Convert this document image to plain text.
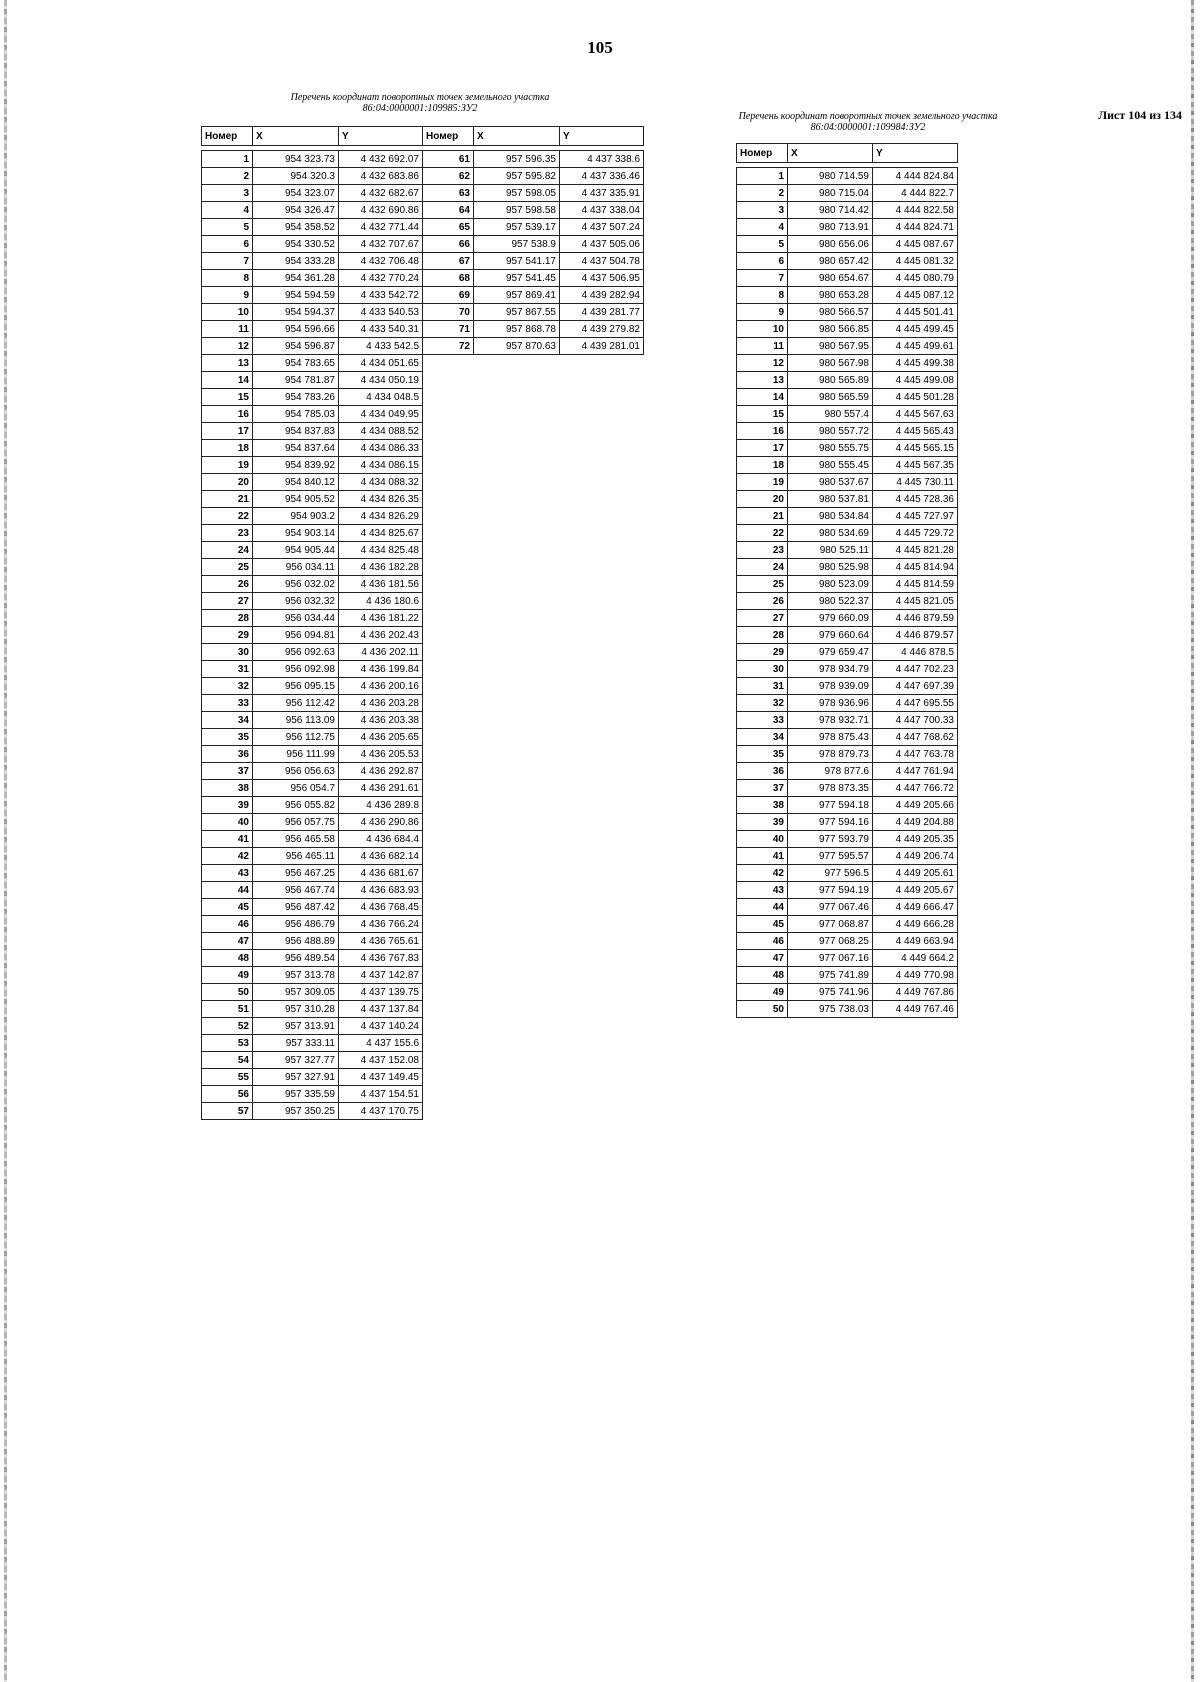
105
Лист 104 из 134
Перечень координат поворотных точек земельного участка
86:04:0000001:109985:ЗУ2
Перечень координат поворотных точек земельного участка
86:04:0000001:109984:ЗУ2
Номер	X	Y

1	954 323.73	4 432 692.07
2	954 320.3	4 432 683.86
3	954 323.07	4 432 682.67
4	954 326.47	4 432 690.86
5	954 358.52	4 432 771.44
6	954 330.52	4 432 707.67
7	954 333.28	4 432 706.48
8	954 361.28	4 432 770.24
9	954 594.59	4 433 542.72
10	954 594.37	4 433 540.53
11	954 596.66	4 433 540.31
12	954 596.87	4 433 542.5
13	954 783.65	4 434 051.65
14	954 781.87	4 434 050.19
15	954 783.26	4 434 048.5
16	954 785.03	4 434 049.95
17	954 837.83	4 434 088.52
18	954 837.64	4 434 086.33
19	954 839.92	4 434 086.15
20	954 840.12	4 434 088.32
21	954 905.52	4 434 826.35
22	954 903.2	4 434 826.29
23	954 903.14	4 434 825.67
24	954 905.44	4 434 825.48
25	956 034.11	4 436 182.28
26	956 032.02	4 436 181.56
27	956 032.32	4 436 180.6
28	956 034.44	4 436 181.22
29	956 094.81	4 436 202.43
30	956 092.63	4 436 202.11
31	956 092.98	4 436 199.84
32	956 095.15	4 436 200.16
33	956 112.42	4 436 203.28
34	956 113.09	4 436 203.38
35	956 112.75	4 436 205.65
36	956 111.99	4 436 205.53
37	956 056.63	4 436 292.87
38	956 054.7	4 436 291.61
39	956 055.82	4 436 289.8
40	956 057.75	4 436 290.86
41	956 465.58	4 436 684.4
42	956 465.11	4 436 682.14
43	956 467.25	4 436 681.67
44	956 467.74	4 436 683.93
45	956 487.42	4 436 768.45
46	956 486.79	4 436 766.24
47	956 488.89	4 436 765.61
48	956 489.54	4 436 767.83
49	957 313.78	4 437 142.87
50	957 309.05	4 437 139.75
51	957 310.28	4 437 137.84
52	957 313.91	4 437 140.24
53	957 333.11	4 437 155.6
54	957 327.77	4 437 152.08
55	957 327.91	4 437 149.45
56	957 335.59	4 437 154.51
57	957 350.25	4 437 170.75
Номер	X	Y

61	957 596.35	4 437 338.6
62	957 595.82	4 437 336.46
63	957 598.05	4 437 335.91
64	957 598.58	4 437 338.04
65	957 539.17	4 437 507.24
66	957 538.9	4 437 505.06
67	957 541.17	4 437 504.78
68	957 541.45	4 437 506.95
69	957 869.41	4 439 282.94
70	957 867.55	4 439 281.77
71	957 868.78	4 439 279.82
72	957 870.63	4 439 281.01
Номер	X	Y

1	980 714.59	4 444 824.84
2	980 715.04	4 444 822.7
3	980 714.42	4 444 822.58
4	980 713.91	4 444 824.71
5	980 656.06	4 445 087.67
6	980 657.42	4 445 081.32
7	980 654.67	4 445 080.79
8	980 653.28	4 445 087.12
9	980 566.57	4 445 501.41
10	980 566.85	4 445 499.45
11	980 567.95	4 445 499.61
12	980 567.98	4 445 499.38
13	980 565.89	4 445 499.08
14	980 565.59	4 445 501.28
15	980 557.4	4 445 567.63
16	980 557.72	4 445 565.43
17	980 555.75	4 445 565.15
18	980 555.45	4 445 567.35
19	980 537.67	4 445 730.11
20	980 537.81	4 445 728.36
21	980 534.84	4 445 727.97
22	980 534.69	4 445 729.72
23	980 525.11	4 445 821.28
24	980 525.98	4 445 814.94
25	980 523.09	4 445 814.59
26	980 522.37	4 445 821.05
27	979 660.09	4 446 879.59
28	979 660.64	4 446 879.57
29	979 659.47	4 446 878.5
30	978 934.79	4 447 702.23
31	978 939.09	4 447 697.39
32	978 936.96	4 447 695.55
33	978 932.71	4 447 700.33
34	978 875.43	4 447 768.62
35	978 879.73	4 447 763.78
36	978 877.6	4 447 761.94
37	978 873.35	4 447 766.72
38	977 594.18	4 449 205.66
39	977 594.16	4 449 204.88
40	977 593.79	4 449 205.35
41	977 595.57	4 449 206.74
42	977 596.5	4 449 205.61
43	977 594.19	4 449 205.67
44	977 067.46	4 449 666.47
45	977 068.87	4 449 666.28
46	977 068.25	4 449 663.94
47	977 067.16	4 449 664.2
48	975 741.89	4 449 770.98
49	975 741.96	4 449 767.86
50	975 738.03	4 449 767.46
